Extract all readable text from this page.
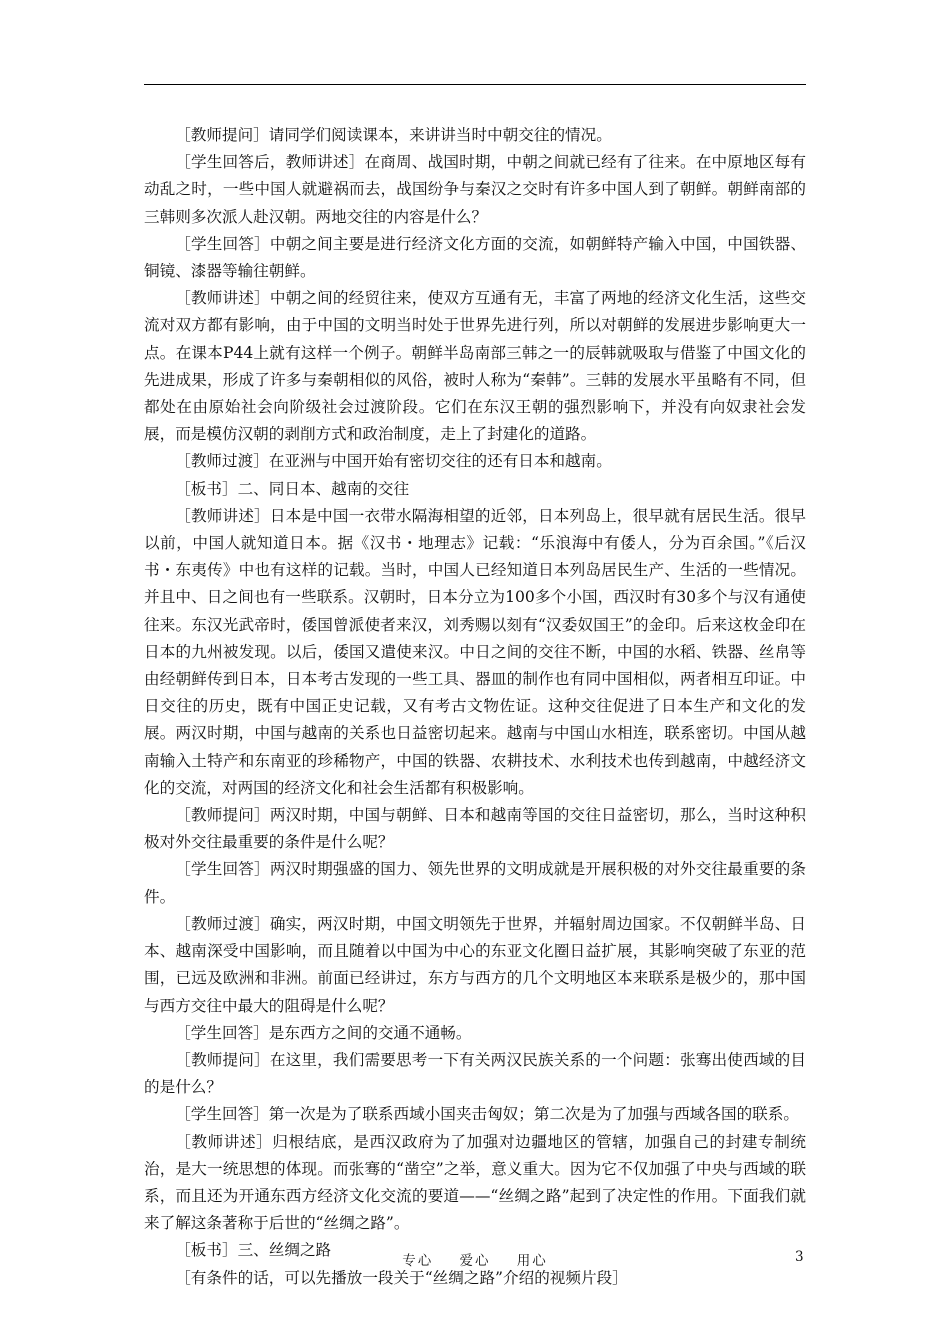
［教师提问］请同学们阅读课本，来讲讲当时中朝交往的情况。

［学生回答后，教师讲述］在商周、战国时期，中朝之间就已经有了往来。在中原地区每有动乱之时，一些中国人就避祸而去，战国纷争与秦汉之交时有许多中国人到了朝鲜。朝鲜南部的三韩则多次派人赴汉朝。两地交往的内容是什么？

［学生回答］中朝之间主要是进行经济文化方面的交流，如朝鲜特产输入中国，中国铁器、铜镜、漆器等输往朝鲜。

［教师讲述］中朝之间的经贸往来，使双方互通有无，丰富了两地的经济文化生活，这些交流对双方都有影响，由于中国的文明当时处于世界先进行列，所以对朝鲜的发展进步影响更大一点。在课本P44上就有这样一个例子。朝鲜半岛南部三韩之一的辰韩就吸取与借鉴了中国文化的先进成果，形成了许多与秦朝相似的风俗，被时人称为“秦韩”。三韩的发展水平虽略有不同，但都处在由原始社会向阶级社会过渡阶段。它们在东汉王朝的强烈影响下，并没有向奴隶社会发展，而是模仿汉朝的剥削方式和政治制度，走上了封建化的道路。

［教师过渡］在亚洲与中国开始有密切交往的还有日本和越南。

［板书］二、同日本、越南的交往

［教师讲述］日本是中国一衣带水隔海相望的近邻，日本列岛上，很早就有居民生活。很早以前，中国人就知道日本。据《汉书・地理志》记载：“乐浪海中有倭人，分为百余国。”《后汉书・东夷传》中也有这样的记载。当时，中国人已经知道日本列岛居民生产、生活的一些情况。并且中、日之间也有一些联系。汉朝时，日本分立为100多个小国，西汉时有30多个与汉有通使往来。东汉光武帝时，倭国曾派使者来汉，刘秀赐以刻有“汉委奴国王”的金印。后来这枚金印在日本的九州被发现。以后，倭国又遣使来汉。中日之间的交往不断，中国的水稻、铁器、丝帛等由经朝鲜传到日本，日本考古发现的一些工具、器皿的制作也有同中国相似，两者相互印证。中日交往的历史，既有中国正史记载，又有考古文物佐证。这种交往促进了日本生产和文化的发展。两汉时期，中国与越南的关系也日益密切起来。越南与中国山水相连，联系密切。中国从越南输入土特产和东南亚的珍稀物产，中国的铁器、农耕技术、水利技术也传到越南，中越经济文化的交流，对两国的经济文化和社会生活都有积极影响。

［教师提问］两汉时期，中国与朝鲜、日本和越南等国的交往日益密切，那么，当时这种积极对外交往最重要的条件是什么呢？

［学生回答］两汉时期强盛的国力、领先世界的文明成就是开展积极的对外交往最重要的条件。

［教师过渡］确实，两汉时期，中国文明领先于世界，并辐射周边国家。不仅朝鲜半岛、日本、越南深受中国影响，而且随着以中国为中心的东亚文化圈日益扩展，其影响突破了东亚的范围，已远及欧洲和非洲。前面已经讲过，东方与西方的几个文明地区本来联系是极少的，那中国与西方交往中最大的阻碍是什么呢？

［学生回答］是东西方之间的交通不通畅。

［教师提问］在这里，我们需要思考一下有关两汉民族关系的一个问题：张骞出使西域的目的是什么？

［学生回答］第一次是为了联系西域小国夹击匈奴；第二次是为了加强与西域各国的联系。

［教师讲述］归根结底，是西汉政府为了加强对边疆地区的管辖，加强自己的封建专制统治，是大一统思想的体现。而张骞的“凿空”之举，意义重大。因为它不仅加强了中央与西域的联系，而且还为开通东西方经济文化交流的要道——“丝绸之路”起到了决定性的作用。下面我们就来了解这条著称于后世的“丝绸之路”。

［板书］三、丝绸之路

［有条件的话，可以先播放一段关于“丝绸之路”介绍的视频片段］

专心 爱心 用心	3
